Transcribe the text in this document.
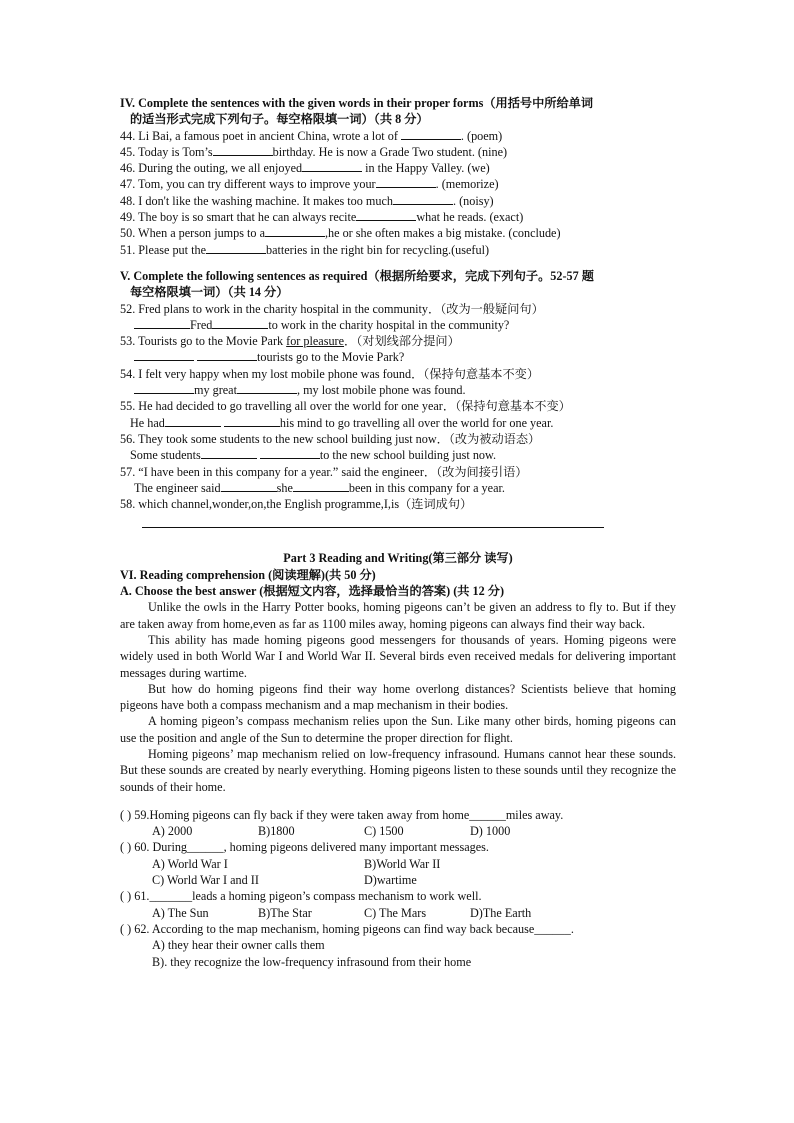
IV. Complete the sentences with the given words in their proper forms（用括号中所给单词
的适当形式完成下列句子。每空格限填一词）（共 8 分）
44. Li Bai, a famous poet in ancient China, wrote a lot of	. (poem)
45. Today is Tom’s	birthday. He is now a Grade Two student. (nine)
46. During the outing, we all enjoyed	in the Happy Valley. (we)
47. Tom, you can try different ways to improve your	. (memorize)
48. I don't like the washing machine. It makes too much	. (noisy)
49. The boy is so smart that he can always recite	what he reads. (exact)
50. When a person jumps to a	,he or she often makes a big mistake. (conclude)
51. Please put the	batteries in the right bin for recycling.(useful)
V. Complete the following sentences as required（根据所给要求，完成下列句子。52-57 题
每空格限填一词）（共 14 分）
52. Fred plans to work in the charity hospital in the community．（改为一般疑问句）
Fred	to work in the charity hospital in the community?
53. Tourists go to the Movie Park for pleasure．（对划线部分提问）
tourists go to the Movie Park?
54. I felt very happy when my lost mobile phone was found．（保持句意基本不变）
my great	, my lost mobile phone was found.
55. He had decided to go travelling all over the world for one year．（保持句意基本不变）
He had	his mind to go travelling all over the world for one year.
56. They took some students to the new school building just now．（改为被动语态）
Some students	to the new school building just now.
57. “I have been in this company for a year.” said the engineer．（改为间接引语）
The engineer said	she	been in this company for a year.
58. which channel,wonder,on,the English programme,I,is（连词成句）
Part 3 Reading and Writing(第三部分 读写)
VI. Reading comprehension (阅读理解)(共 50 分)
A. Choose the best answer (根据短文内容，选择最恰当的答案) (共 12 分)

Unlike the owls in the Harry Potter books, homing pigeons can’t be given an address to fly to. But if they are taken away from home,even as far as 1100 miles away, homing pigeons can always find their way back.

This ability has made homing pigeons good messengers for thousands of years. Homing pigeons were widely used in both World War I and World War II. Several birds even received medals for delivering important messages during wartime.

But how do homing pigeons find their way home overlong distances? Scientists believe that homing pigeons have both a compass mechanism and a map mechanism in their bodies.

A homing pigeon’s compass mechanism relies upon the Sun. Like many other birds, homing pigeons can use the position and angle of the Sun to determine the proper direction for flight.

Homing pigeons’ map mechanism relied on low-frequency infrasound. Humans cannot hear these sounds. But these sounds are created by nearly everything. Homing pigeons listen to these sounds until they recognize the sounds of their home.

( ) 59.Homing pigeons can fly back if they were taken away from home______miles away.
A) 2000	B)1800	C) 1500	D) 1000
( ) 60. During______, homing pigeons delivered many important messages.
A) World War I	B)World War II
C) World War I and II	D)wartime
( ) 61._______leads a homing pigeon’s compass mechanism to work well.
A) The Sun	B)The Star	C) The Mars	D)The Earth
( ) 62. According to the map mechanism, homing pigeons can find way back because______.
A) they hear their owner calls them
B). they recognize the low-frequency infrasound from their home
